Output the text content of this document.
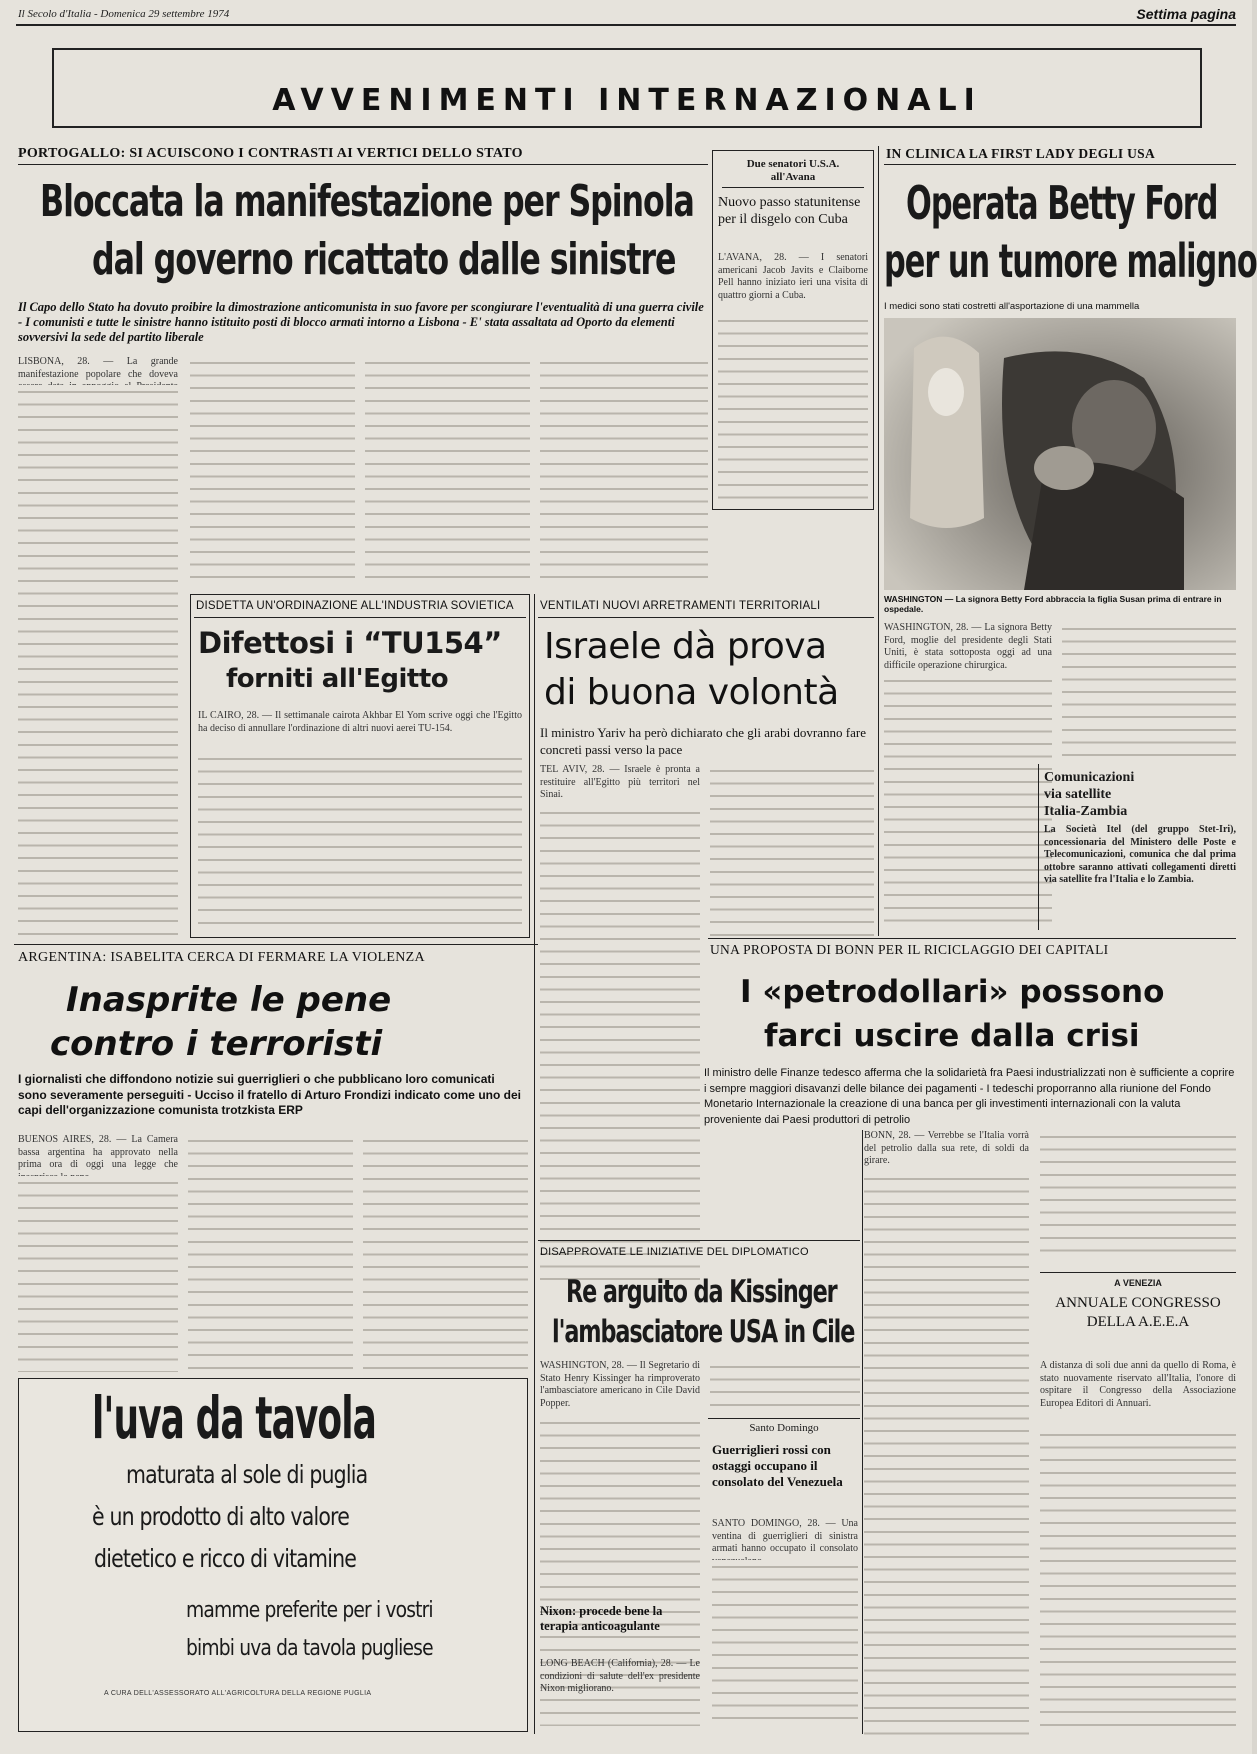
Il Secolo d'Italia - Domenica 29 settembre 1974	Settima pagina
AVVENIMENTI INTERNAZIONALI
PORTOGALLO: SI ACUISCONO I CONTRASTI AI VERTICI DELLO STATO
Bloccata la manifestazione per Spinola
dal governo ricattato dalle sinistre
Il Capo dello Stato ha dovuto proibire la dimostrazione anticomunista in suo favore per scongiurare l'eventualità di una guerra civile - I comunisti e tutte le sinistre hanno istituito posti di blocco armati intorno a Lisbona - E' stata assaltata ad Oporto da elementi sovversivi la sede del partito liberale
LISBONA, 28. — La grande manifestazione popolare che doveva
Due senatori U.S.A.
all'Avana
Nuovo passo statunitense per il disgelo con Cuba
L'AVANA, 28. — I senatori americani Jacob Javits e Claiborne Pell hanno iniziato ieri una visita di quattro giorni a Cuba.
IN CLINICA LA FIRST LADY DEGLI USA
Operata Betty Ford
per un tumore maligno
I medici sono stati costretti all'asportazione di una mammella
WASHINGTON — La signora Betty Ford abbraccia la figlia Susan prima di entrare in ospedale.
WASHINGTON, 28. — La signora Betty Ford, moglie del presidente degli Stati Uniti, è stata sottoposta oggi ad una difficile operazione chirurgica.
Comunicazioni
via satellite
Italia-Zambia
La Società Itel (del gruppo Stet-Iri), concessionaria del Ministero delle Poste e Telecomunicazioni, comunica che dal prima ottobre saranno attivati collegamenti diretti via satellite fra l'Italia e lo Zambia.
DISDETTA UN'ORDINAZIONE ALL'INDUSTRIA SOVIETICA
Difettosi i “TU154”
forniti all'Egitto
IL CAIRO, 28. — Il settimanale cairota Akhbar El Yom scrive oggi che l'Egitto ha deciso di annullare l'ordinazione di altri nuovi aerei TU-154.
VENTILATI NUOVI ARRETRAMENTI TERRITORIALI
Israele dà prova
di buona volontà
Il ministro Yariv ha però dichiarato che gli arabi dovranno fare concreti passi verso la pace
TEL AVIV, 28. — Israele è pronta a restituire all'Egitto più territori nel Sinai.
ARGENTINA: ISABELITA CERCA DI FERMARE LA VIOLENZA
Inasprite le pene
contro i terroristi
I giornalisti che diffondono notizie sui guerriglieri o che pubblicano loro comunicati sono severamente perseguiti - Ucciso il fratello di Arturo Frondizi indicato come uno dei capi dell'organizzazione comunista trotzkista ERP
BUENOS AIRES, 28. — La Camera bassa argentina ha approvato nella prima ora di oggi una legge che
UNA PROPOSTA DI BONN PER IL RICICLAGGIO DEI CAPITALI
I «petrodollari» possono
farci uscire dalla crisi
Il ministro delle Finanze tedesco afferma che la solidarietà fra Paesi industrializzati non è sufficiente a coprire i sempre maggiori disavanzi delle bilance dei pagamenti - I tedeschi proporranno alla riunione del Fondo Monetario Internazionale la creazione di una banca per gli investimenti internazionali con la valuta proveniente dai Paesi produttori di petrolio
BONN, 28. — Verrebbe se l'Italia vorrà del petrolio dalla sua rete, di soldi da girare.
DISAPPROVATE LE INIZIATIVE DEL DIPLOMATICO
Re arguito da Kissinger
l'ambasciatore USA in Cile
WASHINGTON, 28. — Il Segretario di Stato Henry Kissinger ha rimproverato l'ambasciatore americano in Cile David Popper.
Santo Domingo
Guerriglieri rossi con ostaggi occupano il consolato del Venezuela
SANTO DOMINGO, 28. — Una ventina di guerriglieri di sinistra armati hanno occupato il consolato
Nixon: procede bene la terapia anticoagulante
LONG BEACH (California), 28. — Le condizioni di salute dell'ex presidente Nixon migliorano.
A VENEZIA
ANNUALE CONGRESSO DELLA A.E.E.A
A distanza di soli due anni da quello di Roma, è stato nuovamente riservato all'Italia, l'onore di ospitare il Congresso della Associazione Europea Editori di Annuari.
l'uva da tavola
maturata al sole di puglia
è un prodotto di alto valore
dietetico e ricco di vitamine
mamme preferite per i vostri
bimbi uva da tavola pugliese
A CURA DELL'ASSESSORATO ALL'AGRICOLTURA DELLA REGIONE PUGLIA
